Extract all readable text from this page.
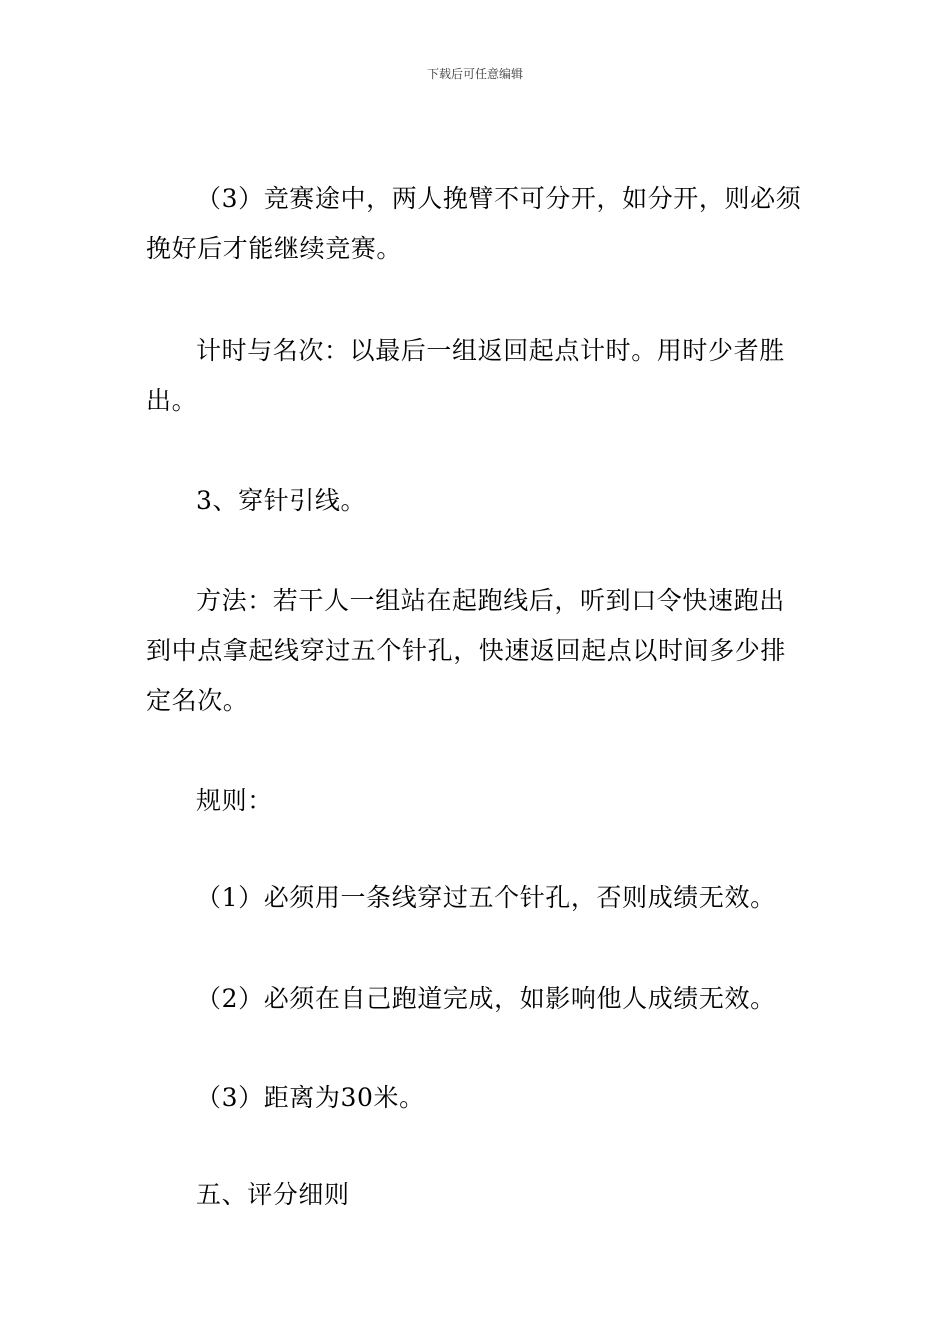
下载后可任意编辑

（3）竞赛途中，两人挽臂不可分开，如分开，则必须挽好后才能继续竞赛。

计时与名次：以最后一组返回起点计时。用时少者胜出。

3、穿针引线。

方法：若干人一组站在起跑线后，听到口令快速跑出到中点拿起线穿过五个针孔，快速返回起点以时间多少排定名次。

规则：

（1）必须用一条线穿过五个针孔，否则成绩无效。

（2）必须在自己跑道完成，如影响他人成绩无效。

（3）距离为30米。

五、评分细则
